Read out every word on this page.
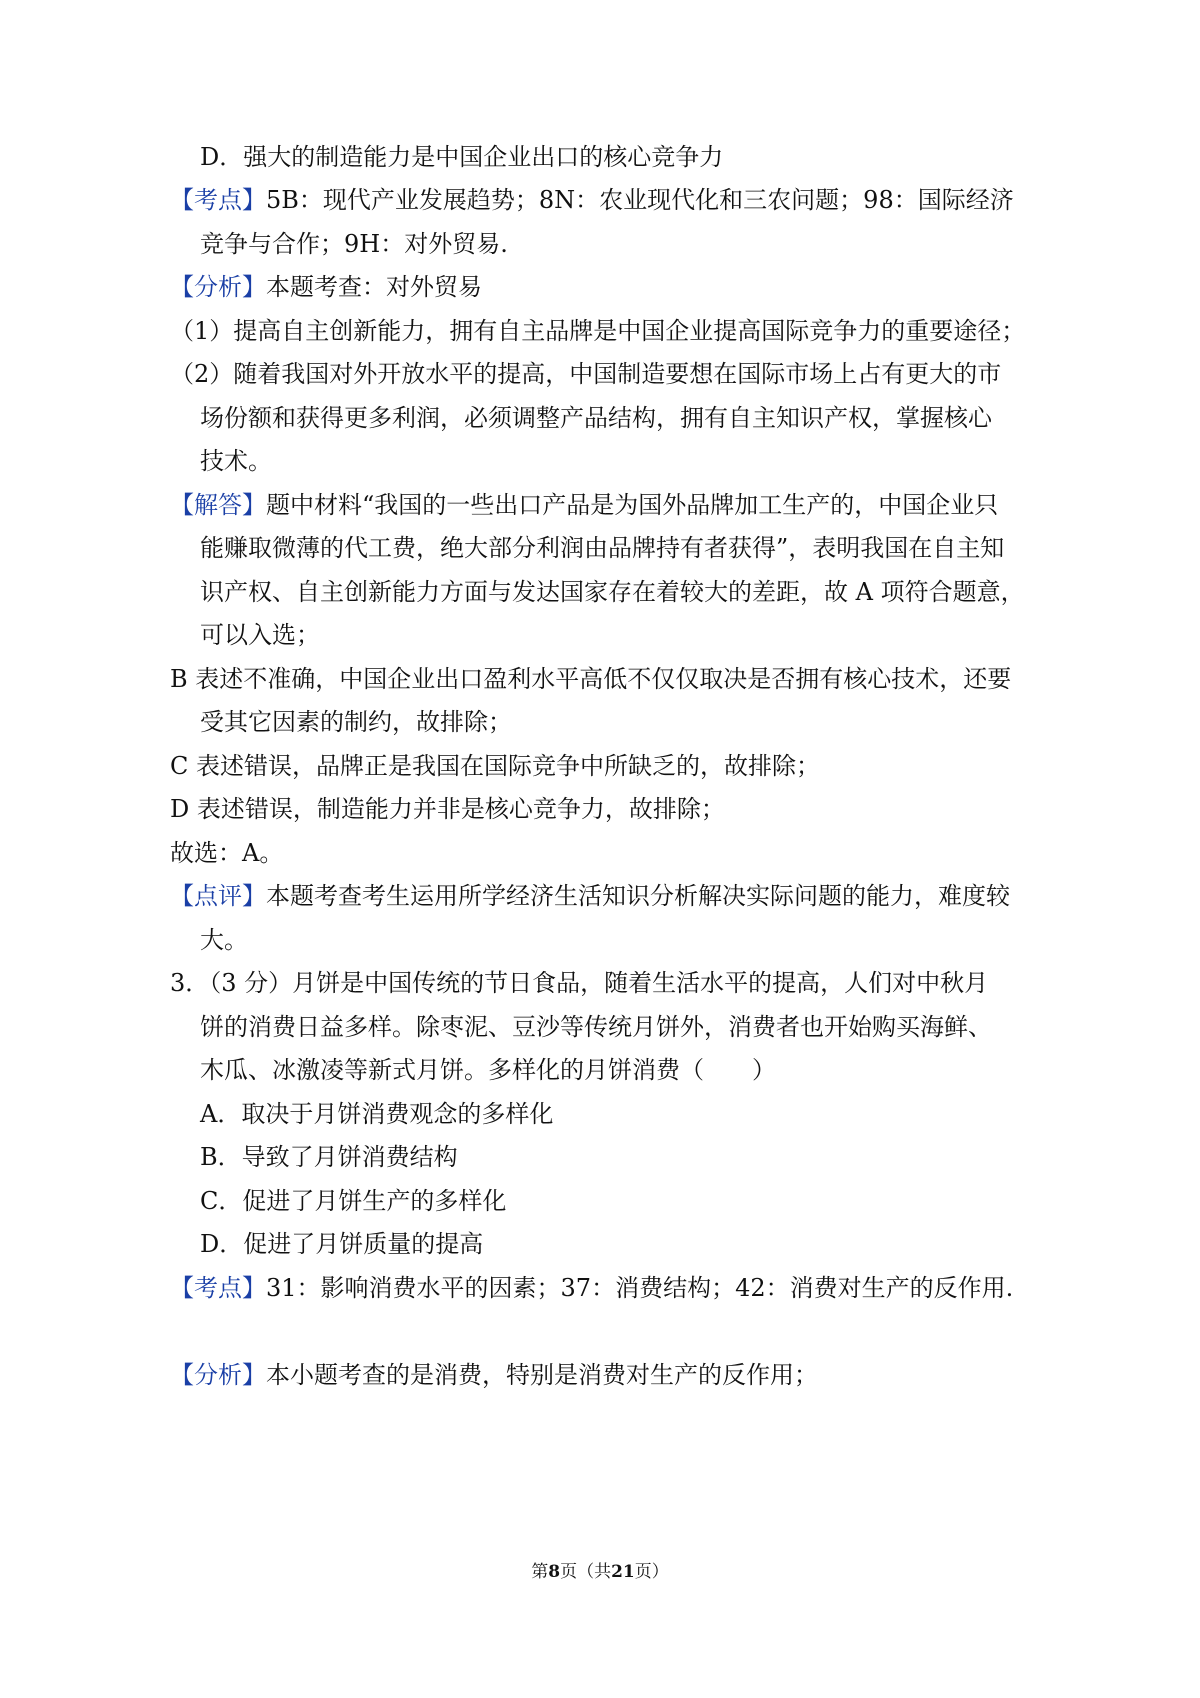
D．强大的制造能力是中国企业出口的核心竞争力
【考点】5B：现代产业发展趋势；8N：农业现代化和三农问题；98：国际经济
竞争与合作；9H：对外贸易.
【分析】本题考查：对外贸易
（1）提高自主创新能力，拥有自主品牌是中国企业提高国际竞争力的重要途径；
（2）随着我国对外开放水平的提高，中国制造要想在国际市场上占有更大的市
场份额和获得更多利润，必须调整产品结构，拥有自主知识产权，掌握核心
技术。
【解答】题中材料“我国的一些出口产品是为国外品牌加工生产的，中国企业只
能赚取微薄的代工费，绝大部分利润由品牌持有者获得”，表明我国在自主知
识产权、自主创新能力方面与发达国家存在着较大的差距，故 A 项符合题意，
可以入选；
B 表述不准确，中国企业出口盈利水平高低不仅仅取决是否拥有核心技术，还要
受其它因素的制约，故排除；
C 表述错误，品牌正是我国在国际竞争中所缺乏的，故排除；
D 表述错误，制造能力并非是核心竞争力，故排除；
故选：A。
【点评】本题考查考生运用所学经济生活知识分析解决实际问题的能力，难度较
大。
3．（3 分）月饼是中国传统的节日食品，随着生活水平的提高，人们对中秋月
饼的消费日益多样。除枣泥、豆沙等传统月饼外，消费者也开始购买海鲜、
木瓜、冰激凌等新式月饼。多样化的月饼消费（　　）
A．取决于月饼消费观念的多样化
B．导致了月饼消费结构
C．促进了月饼生产的多样化
D．促进了月饼质量的提高
【考点】31：影响消费水平的因素；37：消费结构；42：消费对生产的反作用.
【分析】本小题考查的是消费，特别是消费对生产的反作用；
第8页（共21页）
